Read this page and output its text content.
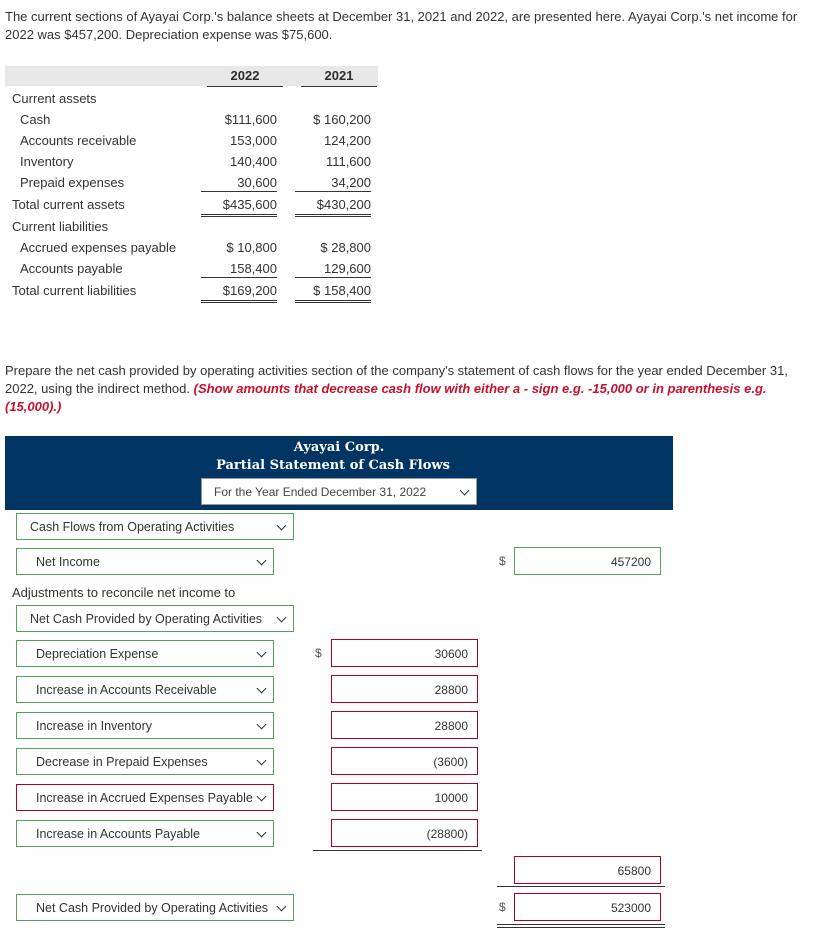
The current sections of Ayayai Corp.'s balance sheets at December 31, 2021 and 2022, are presented here. Ayayai Corp.'s net income for 2022 was $457,200. Depreciation expense was $75,600.
2022	2021
Current assets
Cash	$111,600	$ 160,200
Accounts receivable	153,000	124,200
Inventory	140,400	111,600
Prepaid expenses	30,600	34,200
Total current assets	$435,600	$430,200
Current liabilities
Accrued expenses payable	$ 10,800	$ 28,800
Accounts payable	158,400	129,600
Total current liabilities	$169,200	$ 158,400
Prepare the net cash provided by operating activities section of the company's statement of cash flows for the year ended December 31, 2022, using the indirect method. (Show amounts that decrease cash flow with either a - sign e.g. -15,000 or in parenthesis e.g. (15,000).)
Ayayai Corp.
Partial Statement of Cash Flows
For the Year Ended December 31, 2022
Cash Flows from Operating Activities
Net Income	$	457200
Adjustments to reconcile net income to
Net Cash Provided by Operating Activities
Depreciation Expense	$	30600
Increase in Accounts Receivable	28800
Increase in Inventory	28800
Decrease in Prepaid Expenses	(3600)
Increase in Accrued Expenses Payable	10000
Increase in Accounts Payable	(28800)
65800
Net Cash Provided by Operating Activities	$	523000
